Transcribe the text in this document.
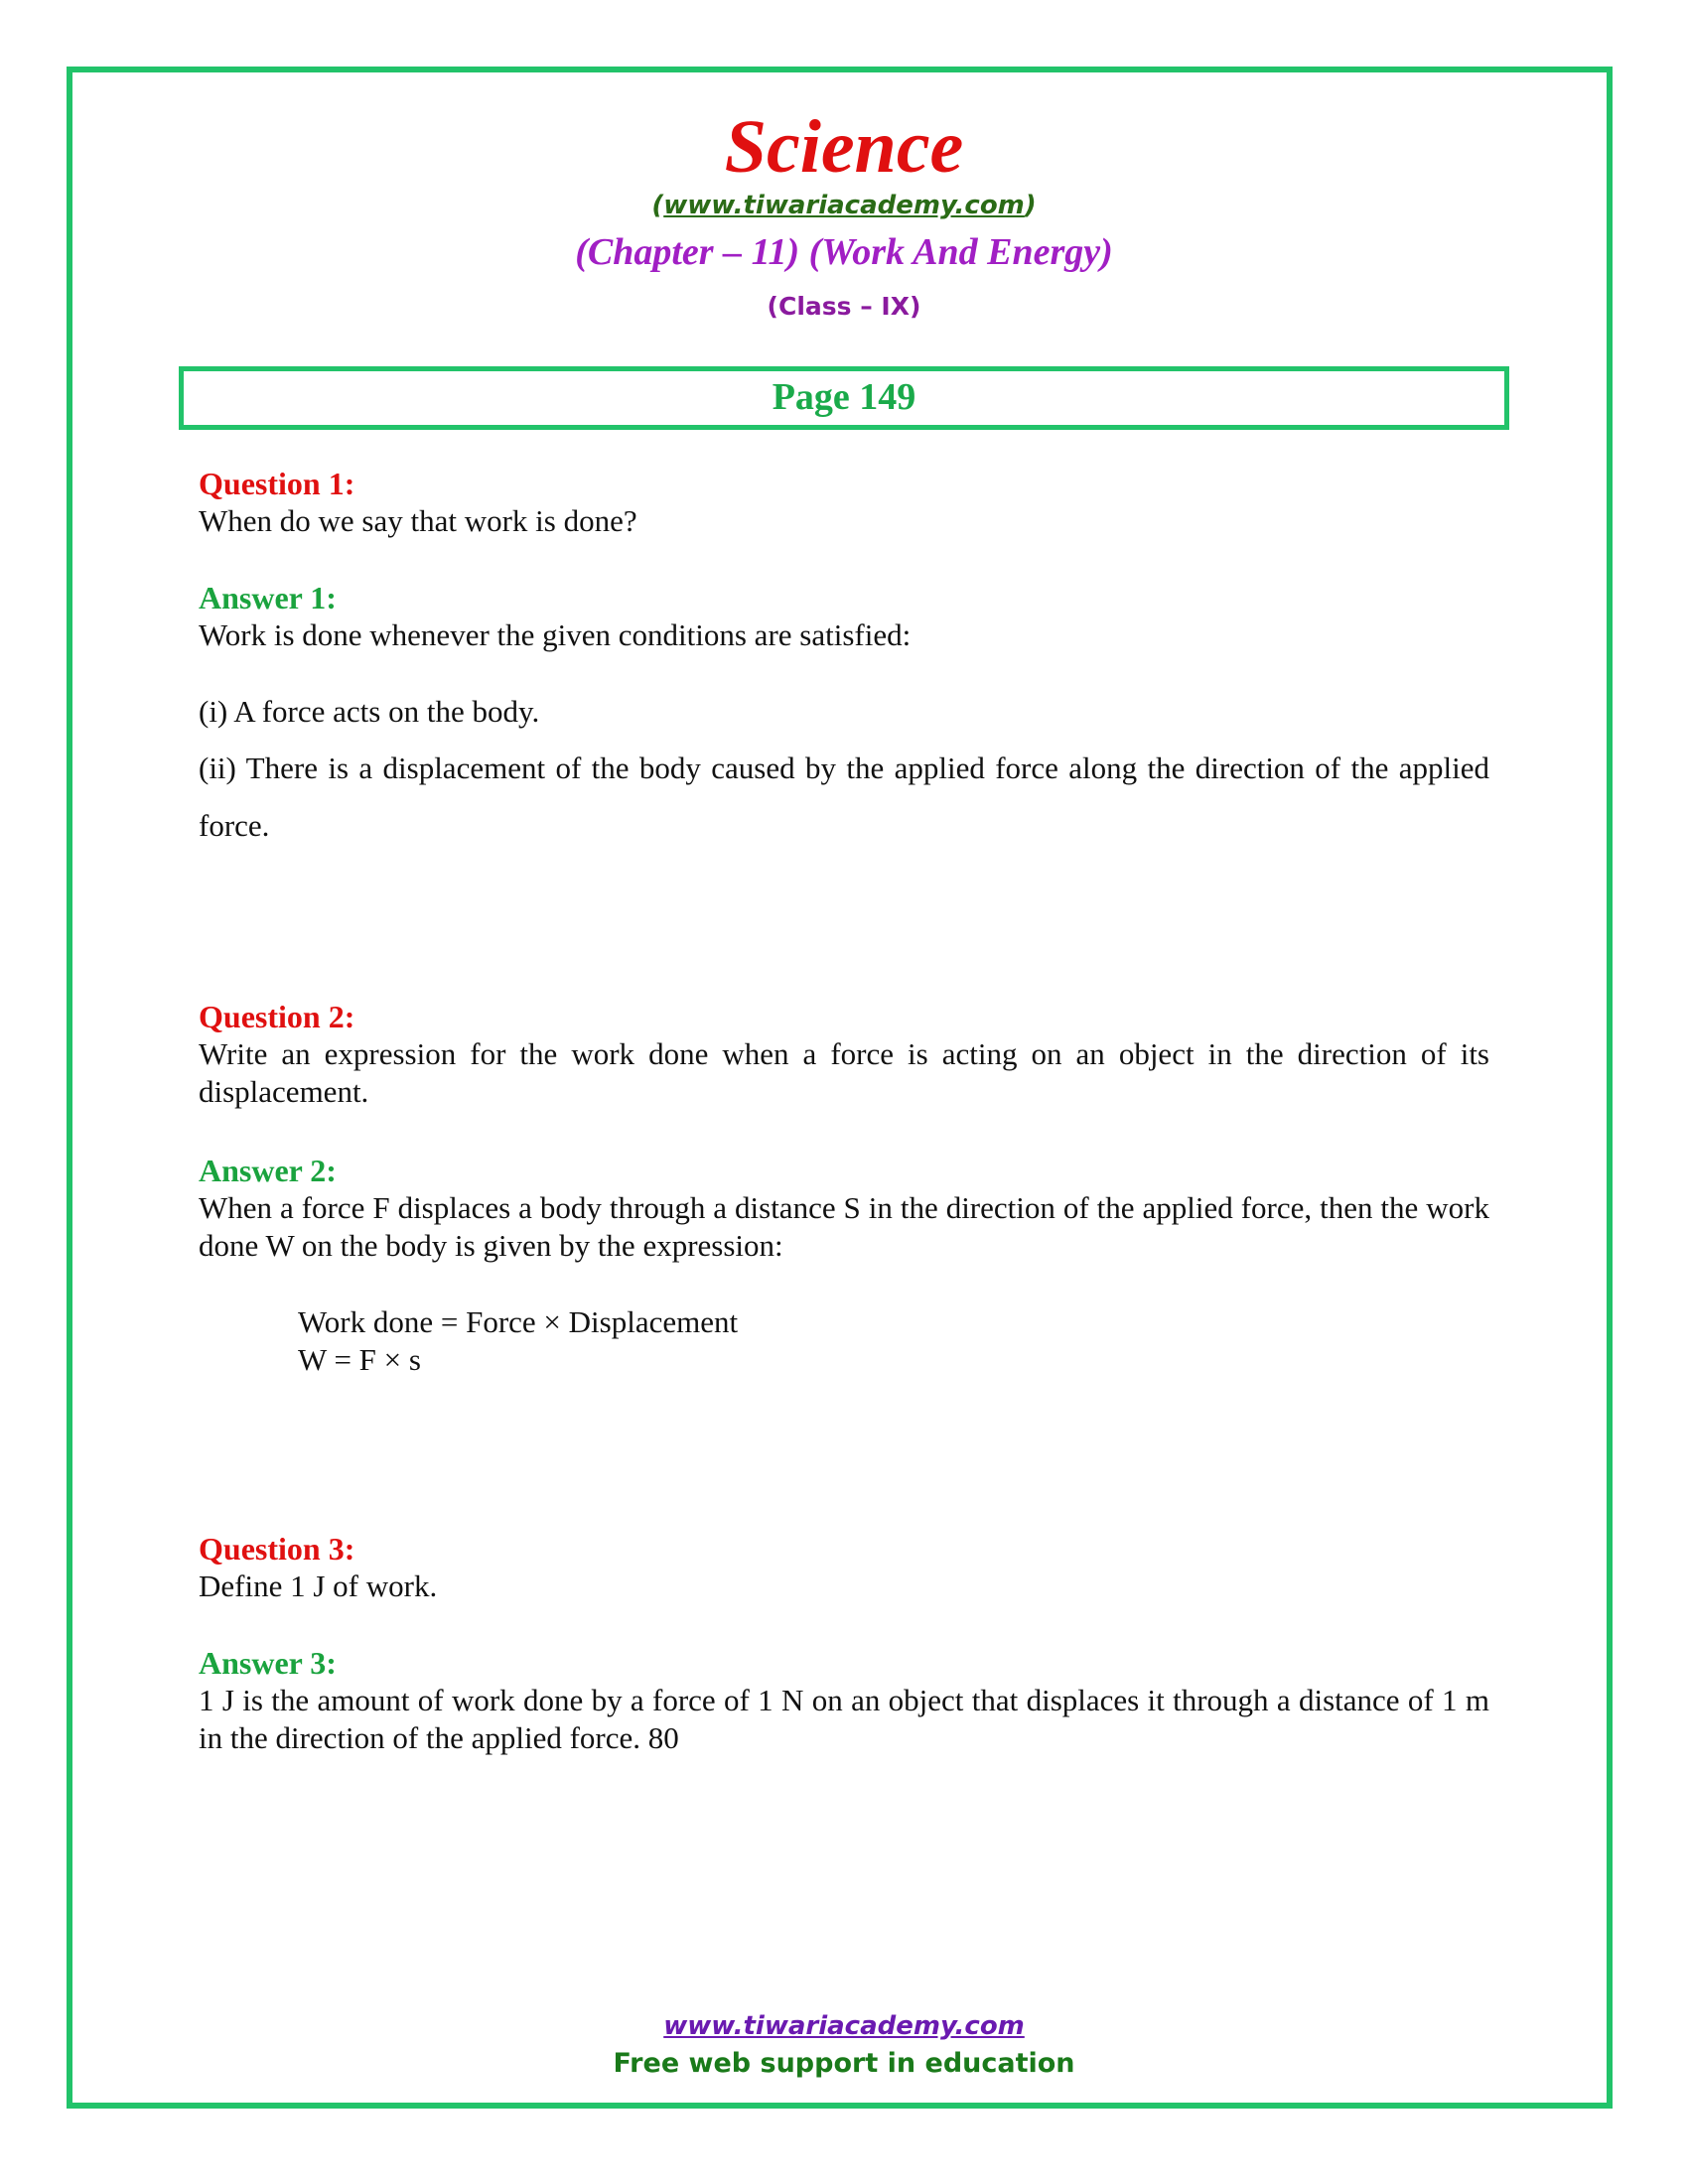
Science
(www.tiwariacademy.com)
(Chapter – 11) (Work And Energy)
(Class – IX)
Page 149
Question 1:
When do we say that work is done?
Answer 1:
Work is done whenever the given conditions are satisfied:
(i) A force acts on the body.
(ii) There is a displacement of the body caused by the applied force along the direction of the applied force.
Question 2:
Write an expression for the work done when a force is acting on an object in the direction of its displacement.
Answer 2:
When a force F displaces a body through a distance S in the direction of the applied force, then the work done W on the body is given by the expression:
Work done = Force × Displacement
W = F × s
Question 3:
Define 1 J of work.
Answer 3:
1 J is the amount of work done by a force of 1 N on an object that displaces it through a distance of 1 m in the direction of the applied force. 80
www.tiwariacademy.com
Free web support in education
